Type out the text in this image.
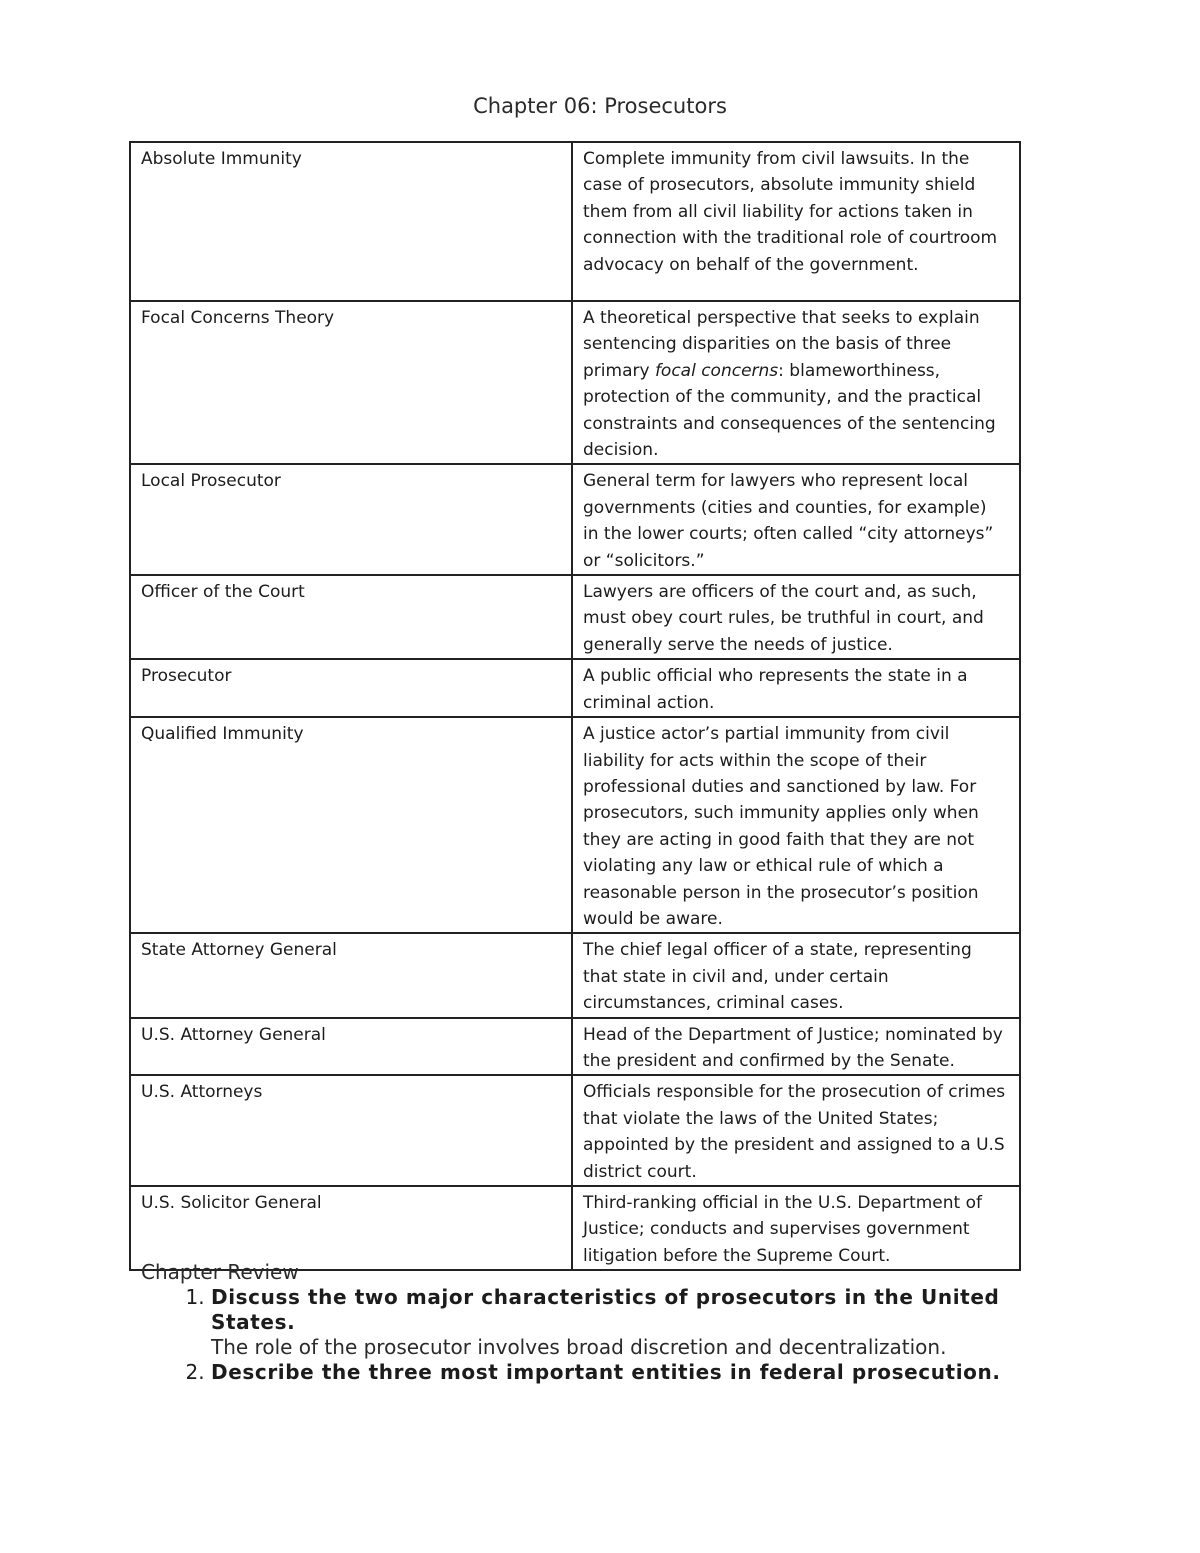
Chapter 06: Prosecutors
Absolute Immunity	Complete immunity from civil lawsuits. In the case of prosecutors, absolute immunity shield them from all civil liability for actions taken in connection with the traditional role of courtroom advocacy on behalf of the government.
Focal Concerns Theory	A theoretical perspective that seeks to explain sentencing disparities on the basis of three primary focal concerns: blameworthiness, protection of the community, and the practical constraints and consequences of the sentencing decision.
Local Prosecutor	General term for lawyers who represent local governments (cities and counties, for example) in the lower courts; often called “city attorneys” or “solicitors.”
Officer of the Court	Lawyers are officers of the court and, as such, must obey court rules, be truthful in court, and generally serve the needs of justice.
Prosecutor	A public official who represents the state in a criminal action.
Qualified Immunity	A justice actor’s partial immunity from civil liability for acts within the scope of their professional duties and sanctioned by law. For prosecutors, such immunity applies only when they are acting in good faith that they are not violating any law or ethical rule of which a reasonable person in the prosecutor’s position would be aware.
State Attorney General	The chief legal officer of a state, representing that state in civil and, under certain circumstances, criminal cases.
U.S. Attorney General	Head of the Department of Justice; nominated by the president and confirmed by the Senate.
U.S. Attorneys	Officials responsible for the prosecution of crimes that violate the laws of the United States; appointed by the president and assigned to a U.S district court.
U.S. Solicitor General	Third-ranking official in the U.S. Department of Justice; conducts and supervises government litigation before the Supreme Court.
Chapter Review
1. Discuss the two major characteristics of prosecutors in the United States.
The role of the prosecutor involves broad discretion and decentralization.
2. Describe the three most important entities in federal prosecution.
